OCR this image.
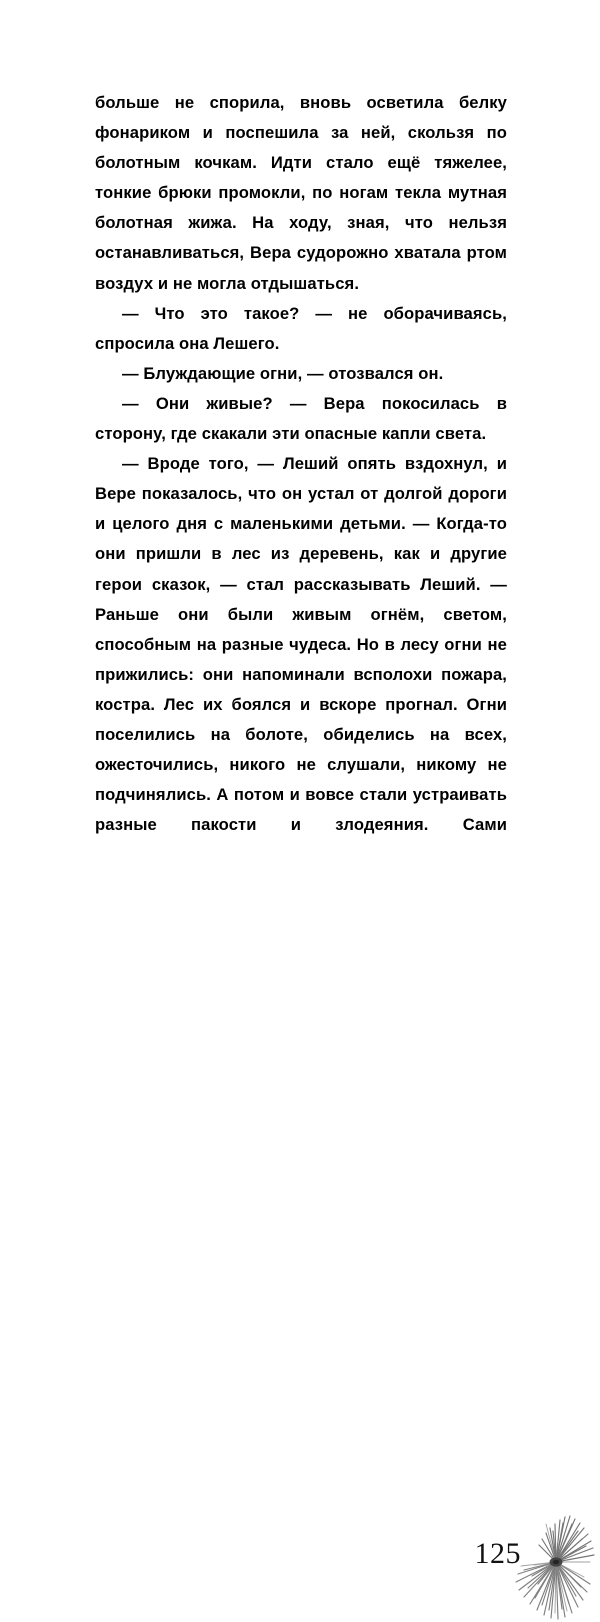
больше не спорила, вновь осветила белку фонариком и поспешила за ней, скользя по болотным кочкам. Идти стало ещё тяжелее, тонкие брюки промокли, по ногам текла мутная болотная жижа. На ходу, зная, что нельзя останавливаться, Вера судорожно хватала ртом воздух и не могла отдышаться.

— Что это такое? — не оборачиваясь, спросила она Лешего.

— Блуждающие огни, — отозвался он.

— Они живые? — Вера покосилась в сторону, где скакали эти опасные капли света.

— Вроде того, — Леший опять вздохнул, и Вере показалось, что он устал от долгой дороги и целого дня с маленькими детьми. — Когда-то они пришли в лес из деревень, как и другие герои сказок, — стал рассказывать Леший. — Раньше они были живым огнём, светом, способным на разные чудеса. Но в лесу огни не прижились: они напоминали всполохи пожара, костра. Лес их боялся и вскоре прогнал. Огни поселились на болоте, обиделись на всех, ожесточились, никого не слушали, никому не подчинялись. А потом и вовсе стали устраивать разные пакости и злодеяния. Сами

125
